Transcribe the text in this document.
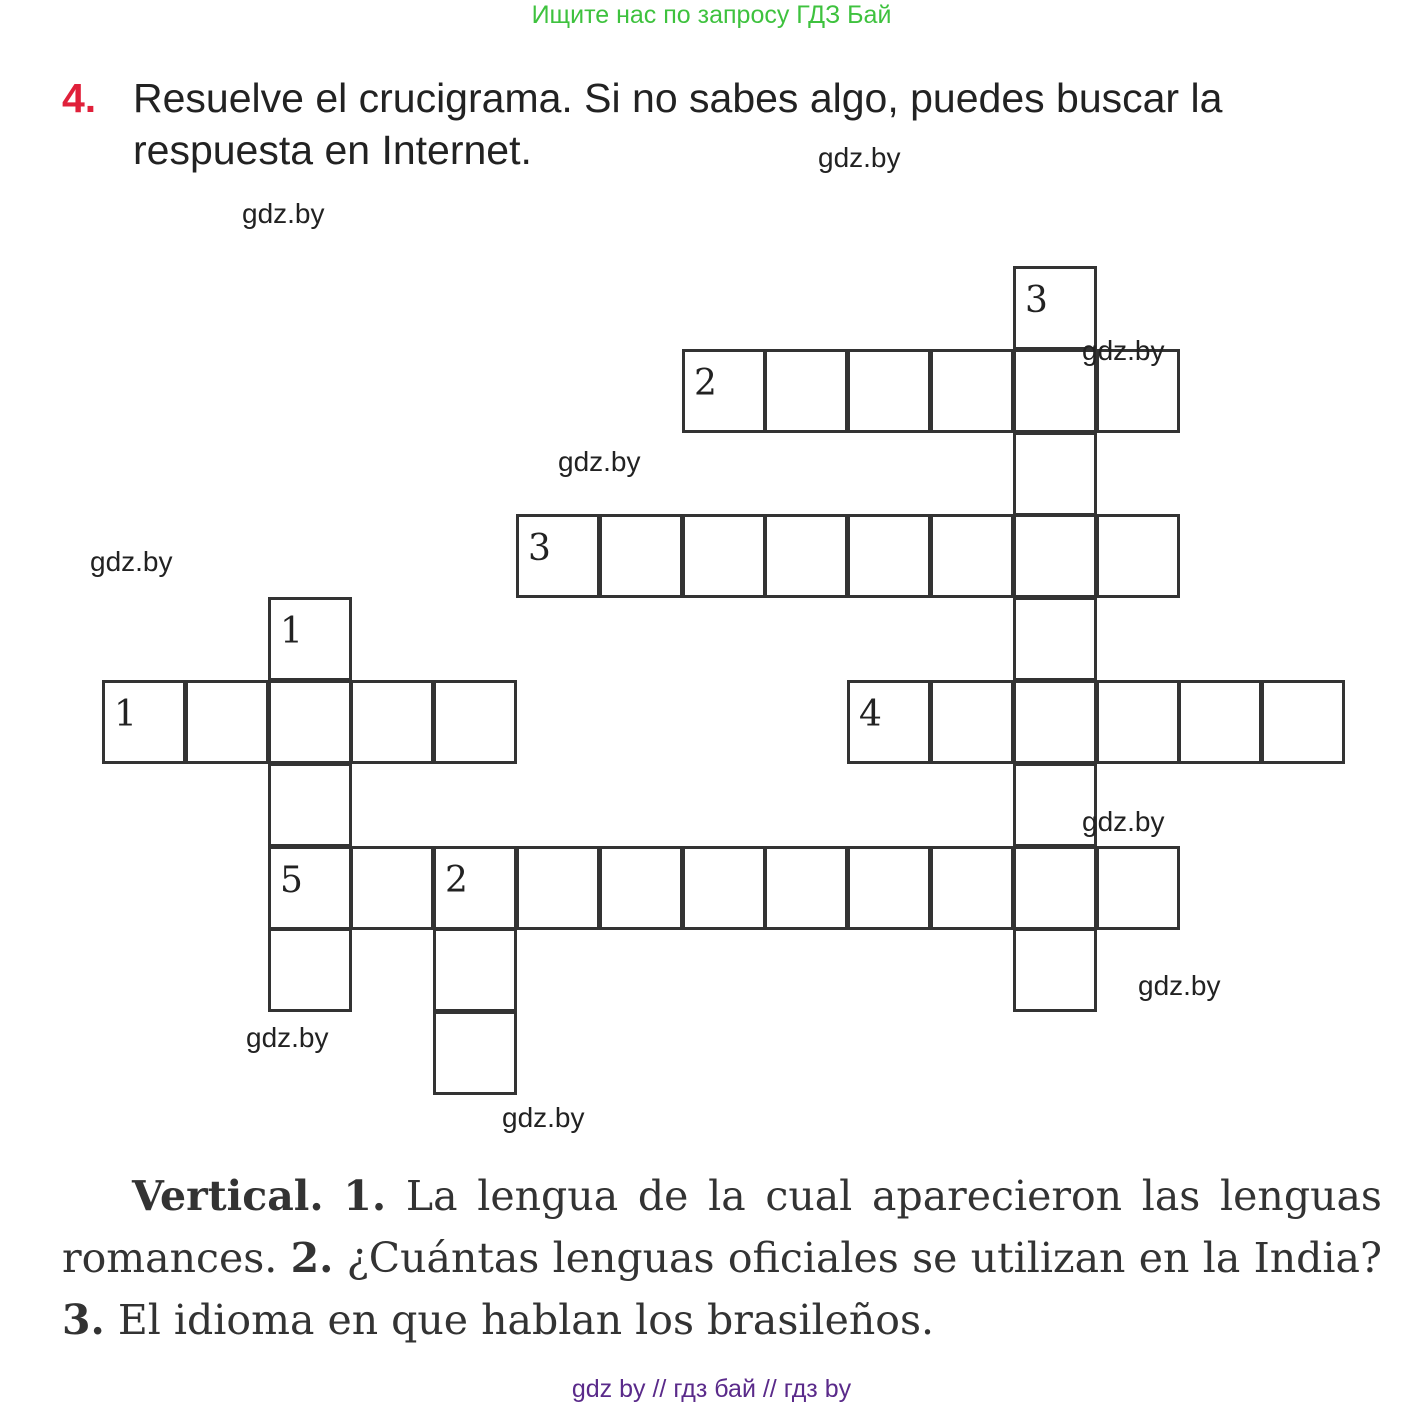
Ищите нас по запросу ГДЗ Бай
4. Resuelve el crucigrama. Si no sabes algo, puedes buscar la respuesta en Internet.
2
3
1	4
5	2
1
3
gdz.by
gdz.by
gdz.by
gdz.by
gdz.by
gdz.by
gdz.by
gdz.by
gdz.by
Vertical. 1. La lengua de la cual aparecieron las lenguas romances. 2. ¿Cuántas lenguas oficiales se utilizan en la India? 3. El idioma en que hablan los brasileños.
gdz by // гдз бай // гдз by
